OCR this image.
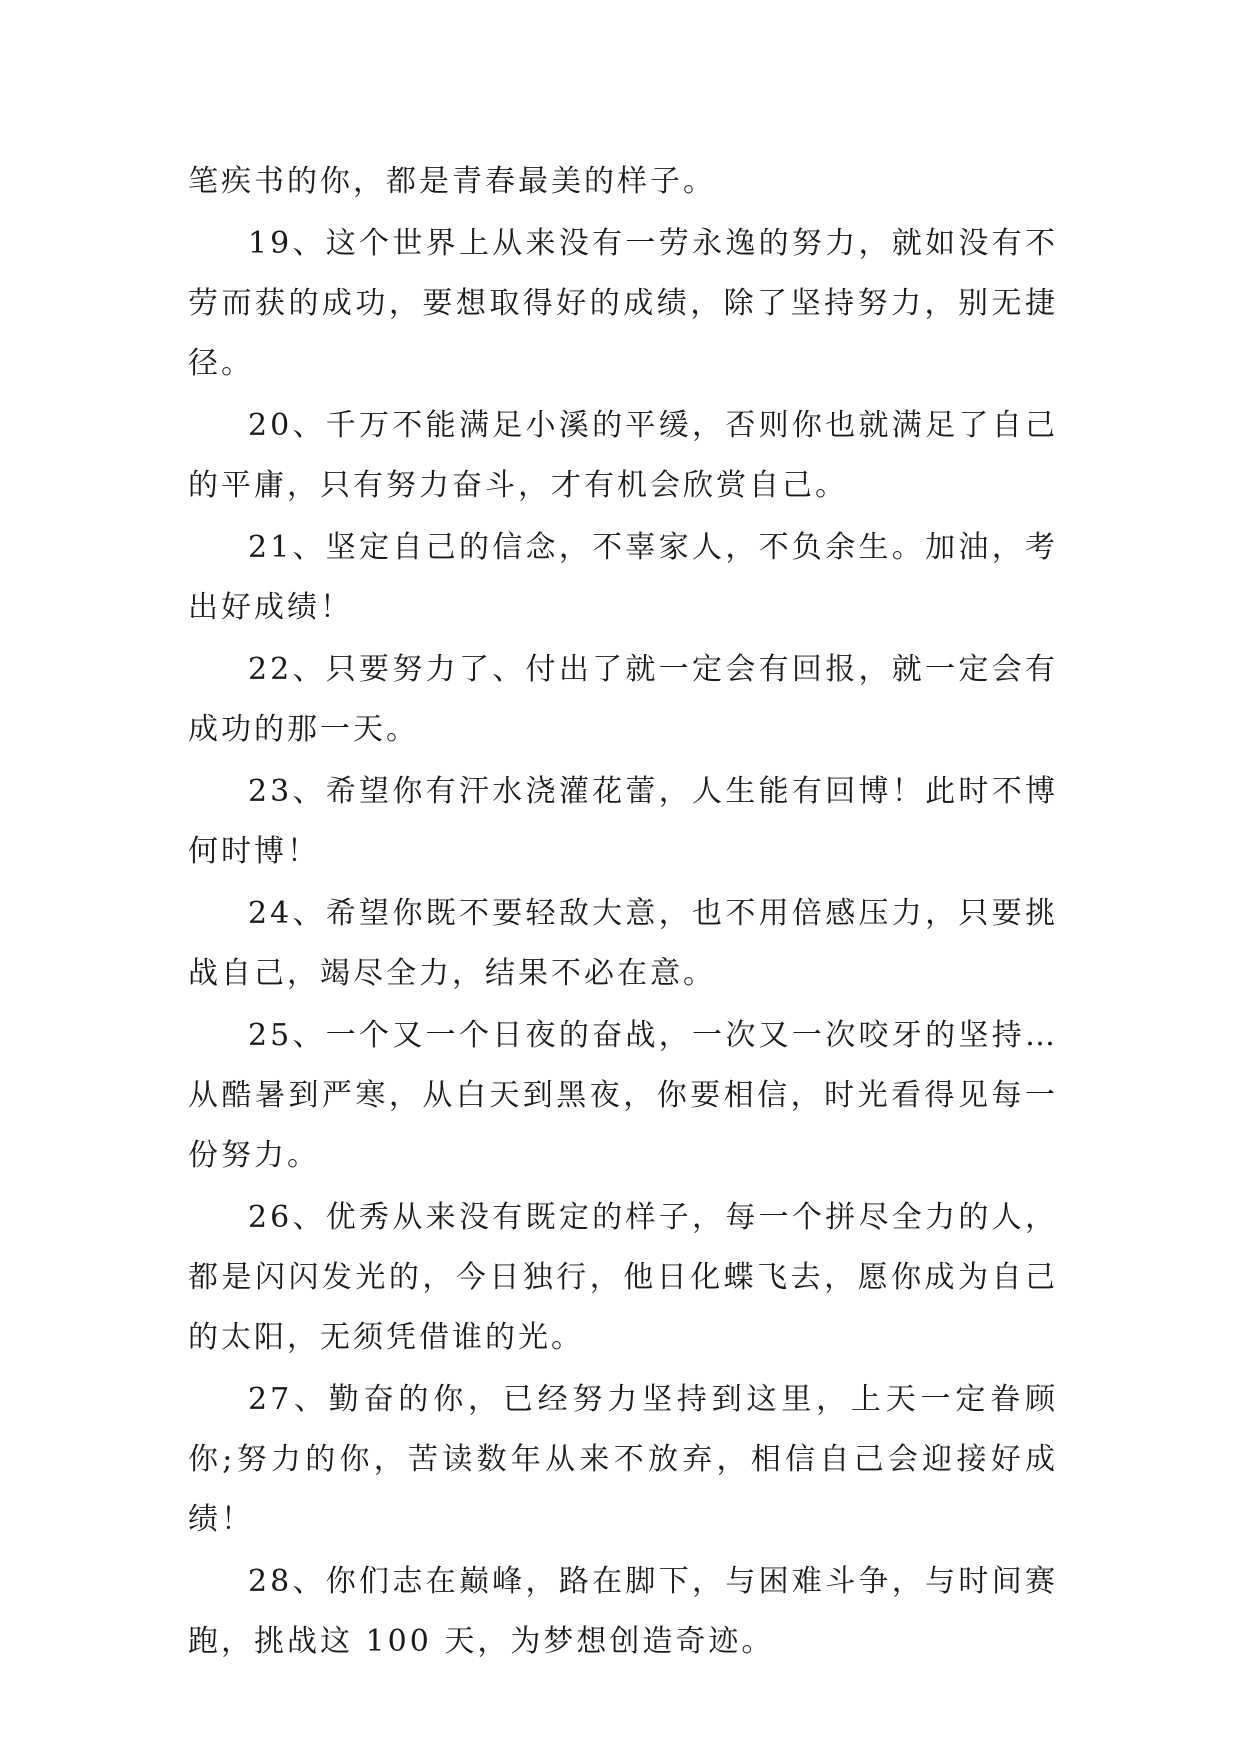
笔疾书的你，都是青春最美的样子。

19、这个世界上从来没有一劳永逸的努力，就如没有不劳而获的成功，要想取得好的成绩，除了坚持努力，别无捷径。

20、千万不能满足小溪的平缓，否则你也就满足了自己的平庸，只有努力奋斗，才有机会欣赏自己。

21、坚定自己的信念，不辜家人，不负余生。加油，考出好成绩！

22、只要努力了、付出了就一定会有回报，就一定会有成功的那一天。

23、希望你有汗水浇灌花蕾，人生能有回博！此时不博何时博！

24、希望你既不要轻敌大意，也不用倍感压力，只要挑战自己，竭尽全力，结果不必在意。

25、一个又一个日夜的奋战，一次又一次咬牙的坚持…从酷暑到严寒，从白天到黑夜，你要相信，时光看得见每一份努力。

26、优秀从来没有既定的样子，每一个拼尽全力的人，都是闪闪发光的，今日独行，他日化蝶飞去，愿你成为自己的太阳，无须凭借谁的光。

27、勤奋的你，已经努力坚持到这里，上天一定眷顾你;努力的你，苦读数年从来不放弃，相信自己会迎接好成绩！

28、你们志在巅峰，路在脚下，与困难斗争，与时间赛跑，挑战这 100 天，为梦想创造奇迹。
